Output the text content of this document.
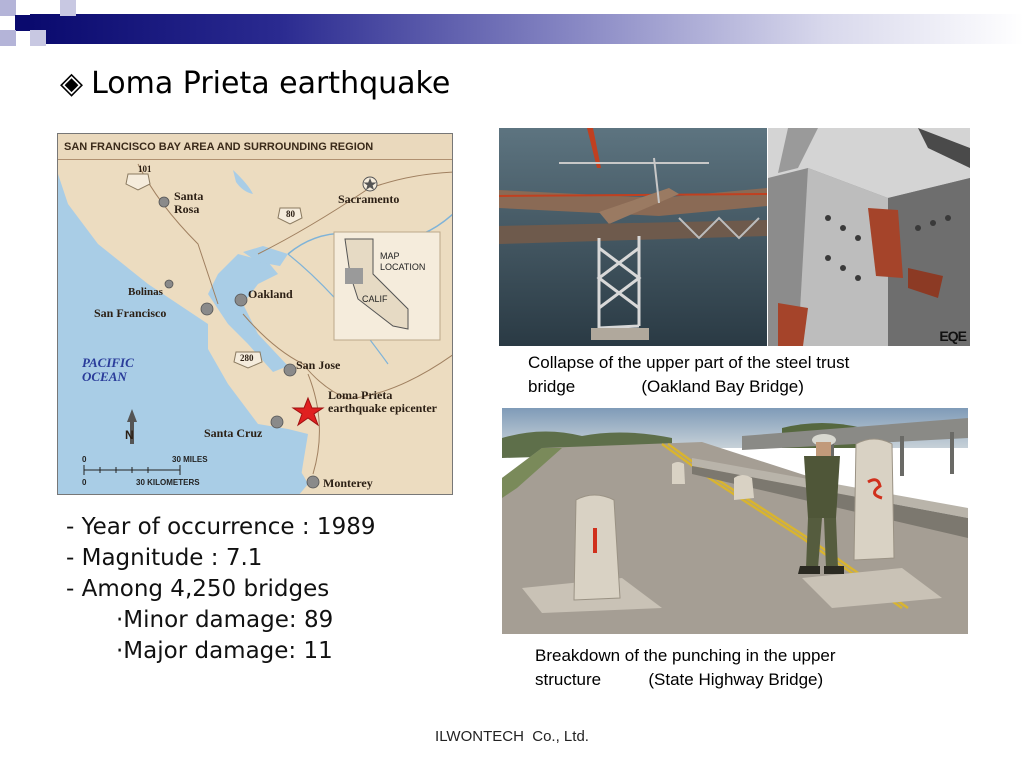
◈ Loma Prieta earthquake
SAN FRANCISCO BAY AREA AND SURROUNDING REGION
101
80
280
Santa Rosa
Sacramento
Bolinas	Oakland
San Francisco
PACIFIC OCEAN
San Jose
Loma Prieta earthquake epicenter
Santa Cruz
Monterey
MAP
LOCATION
CALIF
N
0	30 MILES
0	30 KILOMETERS
- Year of occurrence : 1989
- Magnitude : 7.1
- Among 4,250 bridges
·Minor damage: 89
·Major damage: 11
EQE
Collapse of the upper part of the steel trust
bridge              (Oakland Bay Bridge)
Breakdown of the punching in the upper
structure          (State Highway Bridge)
ILWONTECH  Co., Ltd.
